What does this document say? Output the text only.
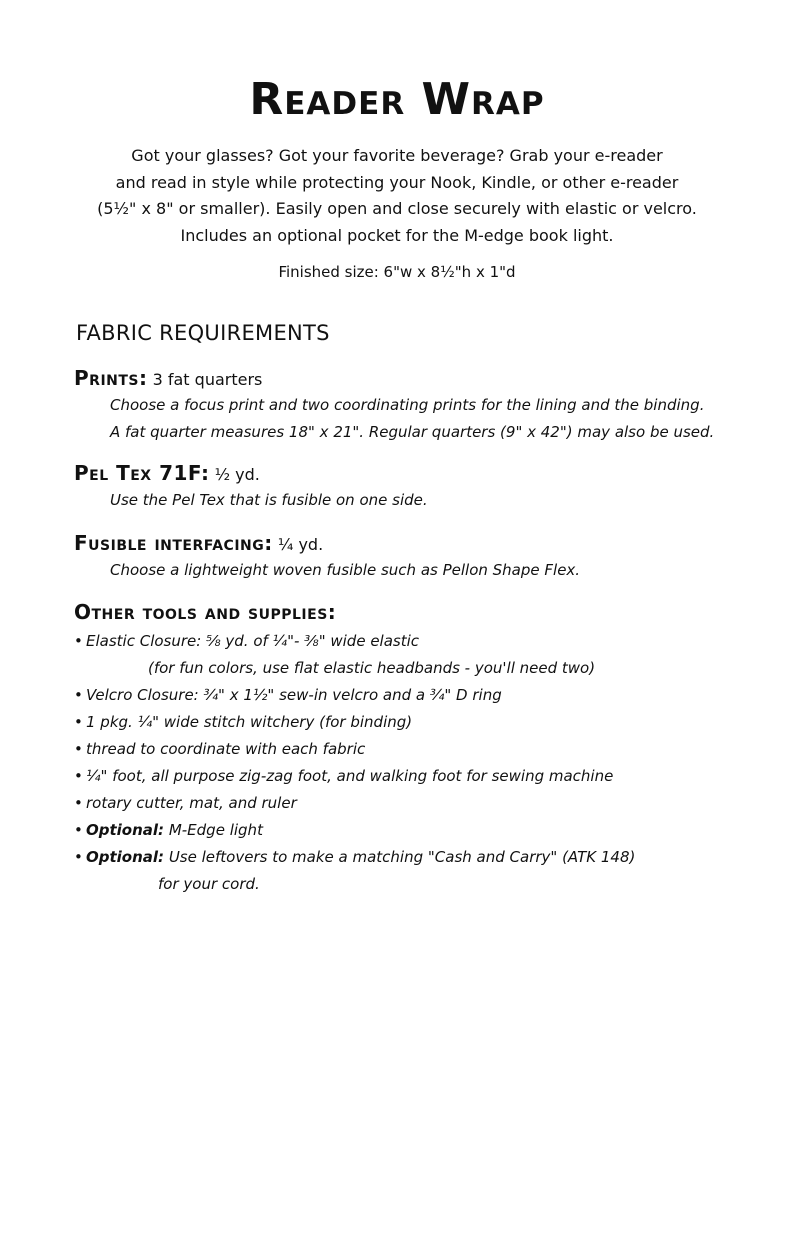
Reader Wrap
Got your glasses? Got your favorite beverage? Grab your e-reader
and read in style while protecting your Nook, Kindle, or other e-reader
(5½" x 8" or smaller). Easily open and close securely with elastic or velcro.
Includes an optional pocket for the M-edge book light.
Finished size: 6"w x 8½"h x 1"d
FABRIC REQUIREMENTS
Prints: 3 fat quarters
Choose a focus print and two coordinating prints for the lining and the binding.
A fat quarter measures 18" x 21". Regular quarters (9" x 42") may also be used.
Pel Tex 71F: ½ yd.
Use the Pel Tex that is fusible on one side.
Fusible interfacing: ¼ yd.
Choose a lightweight woven fusible such as Pellon Shape Flex.
Other tools and supplies:
• Elastic Closure: ⅝ yd. of ¼"- ⅜" wide elastic
(for fun colors, use flat elastic headbands - you'll need two)
• Velcro Closure: ¾" x 1½" sew-in velcro and a ¾" D ring
• 1 pkg. ¼" wide stitch witchery (for binding)
• thread to coordinate with each fabric
• ¼" foot, all purpose zig-zag foot, and walking foot for sewing machine
• rotary cutter, mat, and ruler
• Optional: M-Edge light
• Optional: Use leftovers to make a matching "Cash and Carry" (ATK 148)
for your cord.
